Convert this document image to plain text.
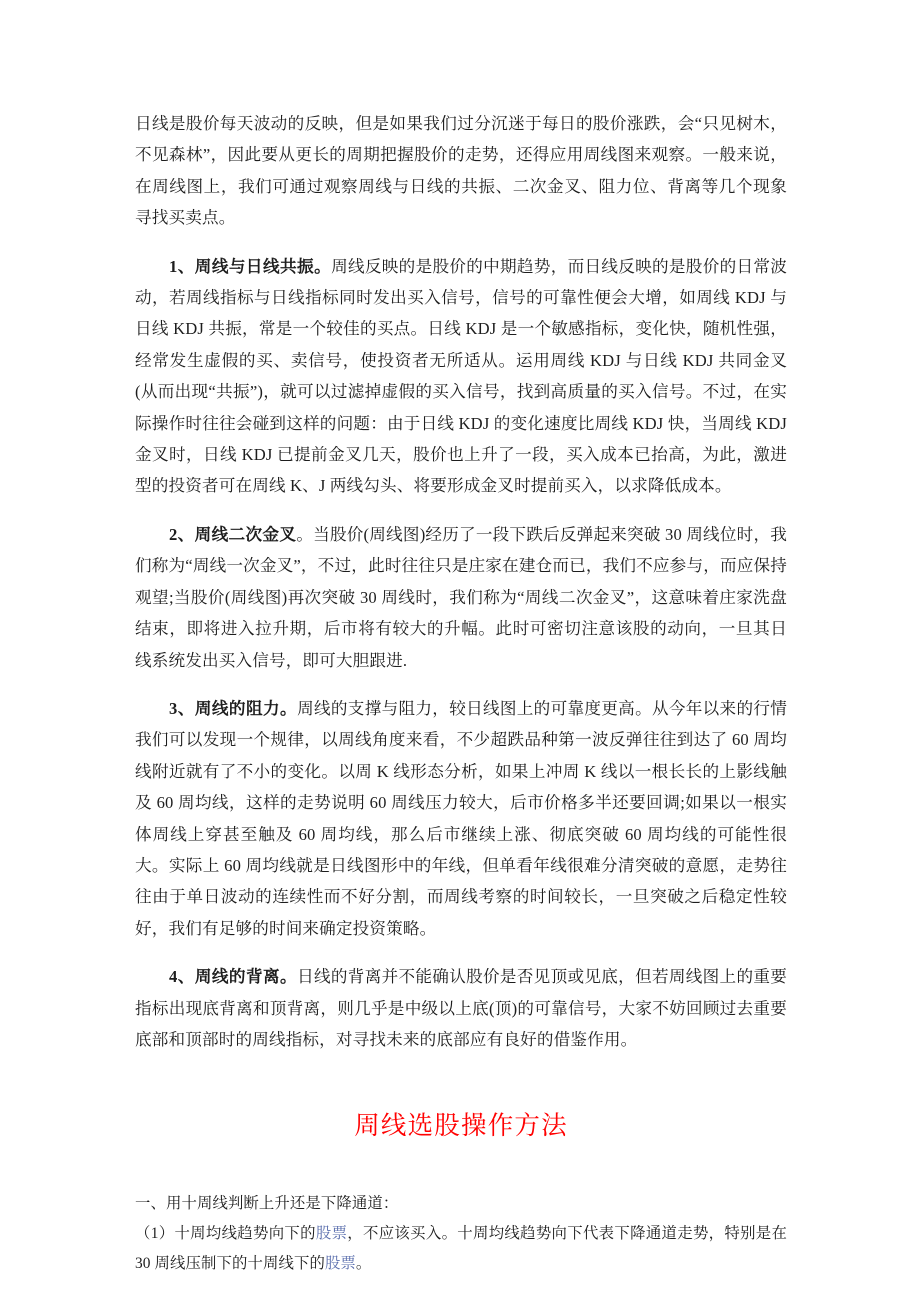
日线是股价每天波动的反映，但是如果我们过分沉迷于每日的股价涨跌，会“只见树木，不见森林”，因此要从更长的周期把握股价的走势，还得应用周线图来观察。一般来说，在周线图上，我们可通过观察周线与日线的共振、二次金叉、阻力位、背离等几个现象寻找买卖点。

1、周线与日线共振。周线反映的是股价的中期趋势，而日线反映的是股价的日常波动，若周线指标与日线指标同时发出买入信号，信号的可靠性便会大增，如周线 KDJ 与日线 KDJ 共振，常是一个较佳的买点。日线 KDJ 是一个敏感指标，变化快，随机性强，经常发生虚假的买、卖信号，使投资者无所适从。运用周线 KDJ 与日线 KDJ 共同金叉(从而出现“共振”)，就可以过滤掉虚假的买入信号，找到高质量的买入信号。不过，在实际操作时往往会碰到这样的问题：由于日线 KDJ 的变化速度比周线 KDJ 快，当周线 KDJ 金叉时，日线 KDJ 已提前金叉几天，股价也上升了一段，买入成本已抬高，为此，激进型的投资者可在周线 K、J 两线勾头、将要形成金叉时提前买入，以求降低成本。

2、周线二次金叉。当股价(周线图)经历了一段下跌后反弹起来突破 30 周线位时，我们称为“周线一次金叉”，不过，此时往往只是庄家在建仓而已，我们不应参与，而应保持观望;当股价(周线图)再次突破 30 周线时，我们称为“周线二次金叉”，这意味着庄家洗盘结束，即将进入拉升期，后市将有较大的升幅。此时可密切注意该股的动向，一旦其日线系统发出买入信号，即可大胆跟进.

3、周线的阻力。周线的支撑与阻力，较日线图上的可靠度更高。从今年以来的行情我们可以发现一个规律，以周线角度来看，不少超跌品种第一波反弹往往到达了 60 周均线附近就有了不小的变化。以周 K 线形态分析，如果上冲周 K 线以一根长长的上影线触及 60 周均线，这样的走势说明 60 周线压力较大，后市价格多半还要回调;如果以一根实体周线上穿甚至触及 60 周均线，那么后市继续上涨、彻底突破 60 周均线的可能性很大。实际上 60 周均线就是日线图形中的年线，但单看年线很难分清突破的意愿，走势往往由于单日波动的连续性而不好分割，而周线考察的时间较长，一旦突破之后稳定性较好，我们有足够的时间来确定投资策略。

4、周线的背离。日线的背离并不能确认股价是否见顶或见底，但若周线图上的重要指标出现底背离和顶背离，则几乎是中级以上底(顶)的可靠信号，大家不妨回顾过去重要底部和顶部时的周线指标，对寻找未来的底部应有良好的借鉴作用。

周线选股操作方法

一、用十周线判断上升还是下降通道：

（1）十周均线趋势向下的股票，不应该买入。十周均线趋势向下代表下降通道走势，特别是在 30 周线压制下的十周线下的股票。
